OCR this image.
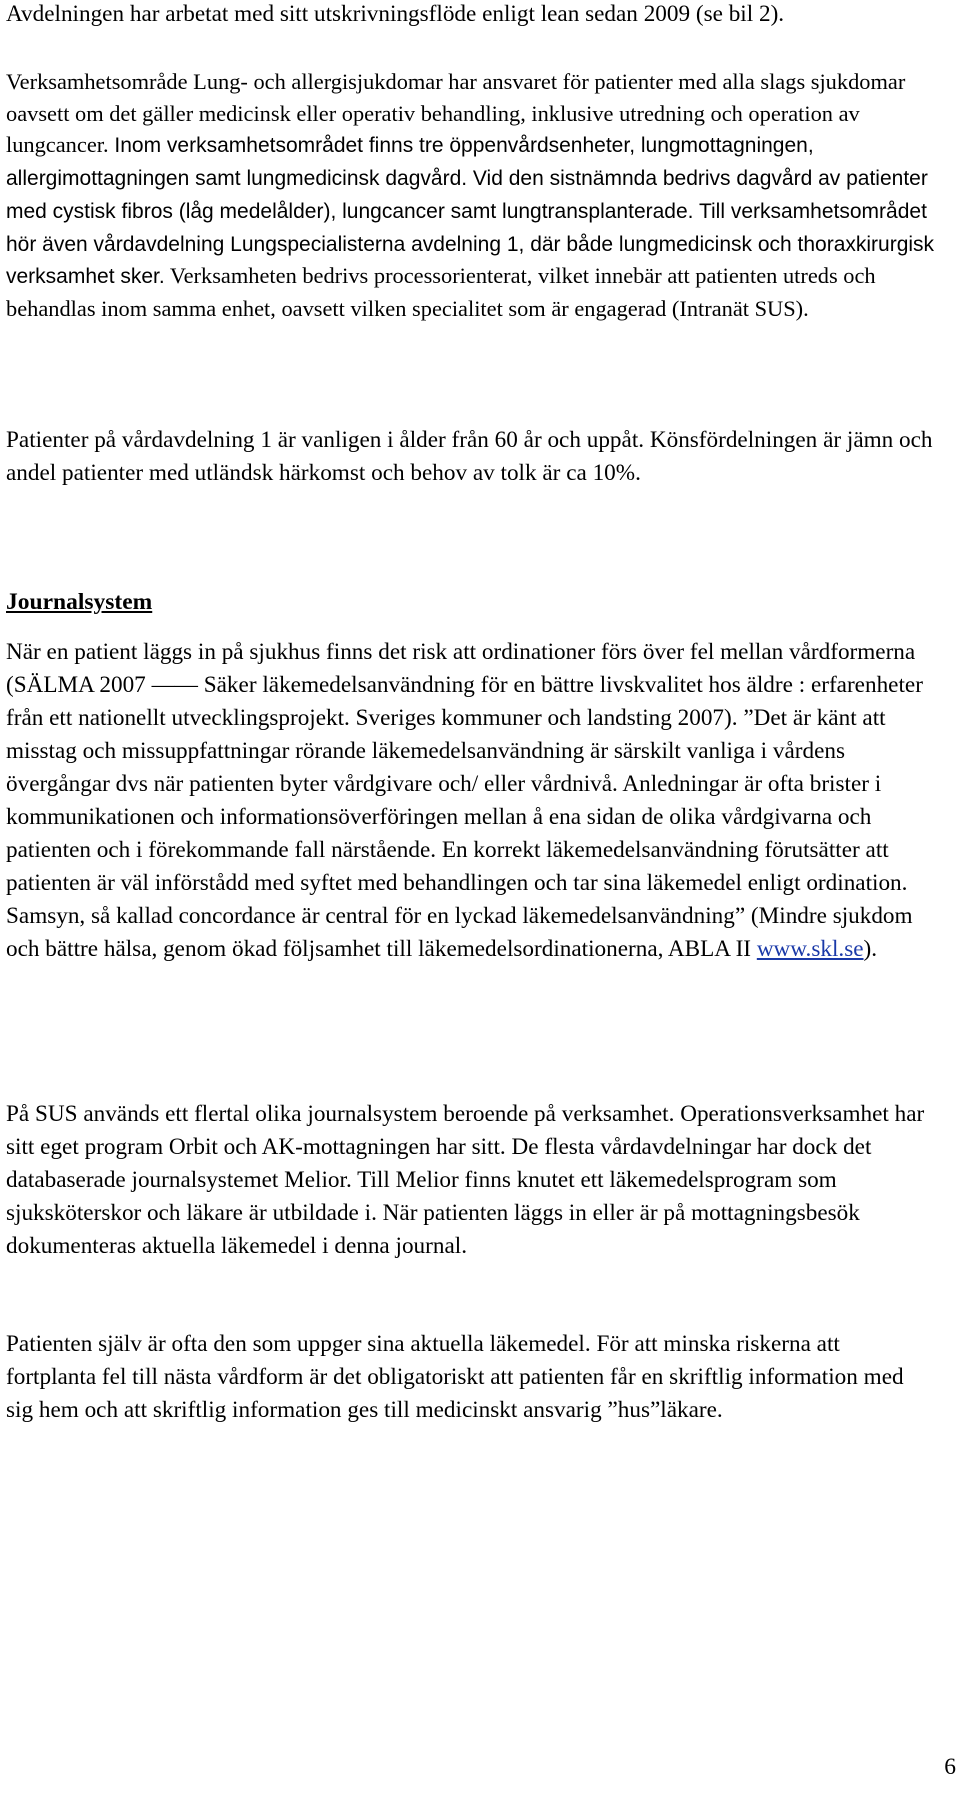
Avdelningen har arbetat med sitt utskrivningsflöde enligt lean sedan 2009 (se bil 2).

Verksamhetsområde Lung- och allergisjukdomar har ansvaret för patienter med alla slags sjukdomar oavsett om det gäller medicinsk eller operativ behandling, inklusive utredning och operation av lungcancer. Inom verksamhetsområdet finns tre öppenvårdsenheter, lungmottagningen, allergimottagningen samt lungmedicinsk dagvård. Vid den sistnämnda bedrivs dagvård av patienter med cystisk fibros (låg medelålder), lungcancer samt lungtransplanterade. Till verksamhetsområdet hör även vårdavdelning Lungspecialisterna avdelning 1, där både lungmedicinsk och thoraxkirurgisk verksamhet sker. Verksamheten bedrivs processorienterat, vilket innebär att patienten utreds och behandlas inom samma enhet, oavsett vilken specialitet som är engagerad (Intranät SUS).

Patienter på vårdavdelning 1 är vanligen i ålder från 60 år och uppåt. Könsfördelningen är jämn och andel patienter med utländsk härkomst och behov av tolk är ca 10%.

Journalsystem

När en patient läggs in på sjukhus finns det risk att ordinationer förs över fel mellan vårdformerna (SÄLMA 2007 —— Säker läkemedelsanvändning för en bättre livskvalitet hos äldre : erfarenheter från ett nationellt utvecklingsprojekt. Sveriges kommuner och landsting 2007). ”Det är känt att misstag och missuppfattningar rörande läkemedelsanvändning är särskilt vanliga i vårdens övergångar dvs när patienten byter vårdgivare och/ eller vårdnivå. Anledningar är ofta brister i kommunikationen och informationsöverföringen mellan å ena sidan de olika vårdgivarna och patienten och i förekommande fall närstående. En korrekt läkemedelsanvändning förutsätter att patienten är väl införstådd med syftet med behandlingen och tar sina läkemedel enligt ordination. Samsyn, så kallad concordance är central för en lyckad läkemedelsanvändning” (Mindre sjukdom och bättre hälsa, genom ökad följsamhet till läkemedelsordinationerna, ABLA II www.skl.se).

På SUS används ett flertal olika journalsystem beroende på verksamhet. Operationsverksamhet har sitt eget program Orbit och AK-mottagningen har sitt. De flesta vårdavdelningar har dock det databaserade journalsystemet Melior. Till Melior finns knutet ett läkemedelsprogram som sjuksköterskor och läkare är utbildade i. När patienten läggs in eller är på mottagningsbesök dokumenteras aktuella läkemedel i denna journal.

Patienten själv är ofta den som uppger sina aktuella läkemedel. För att minska riskerna att fortplanta fel till nästa vårdform är det obligatoriskt att patienten får en skriftlig information med sig hem och att skriftlig information ges till medicinskt ansvarig ”hus”läkare.

6
